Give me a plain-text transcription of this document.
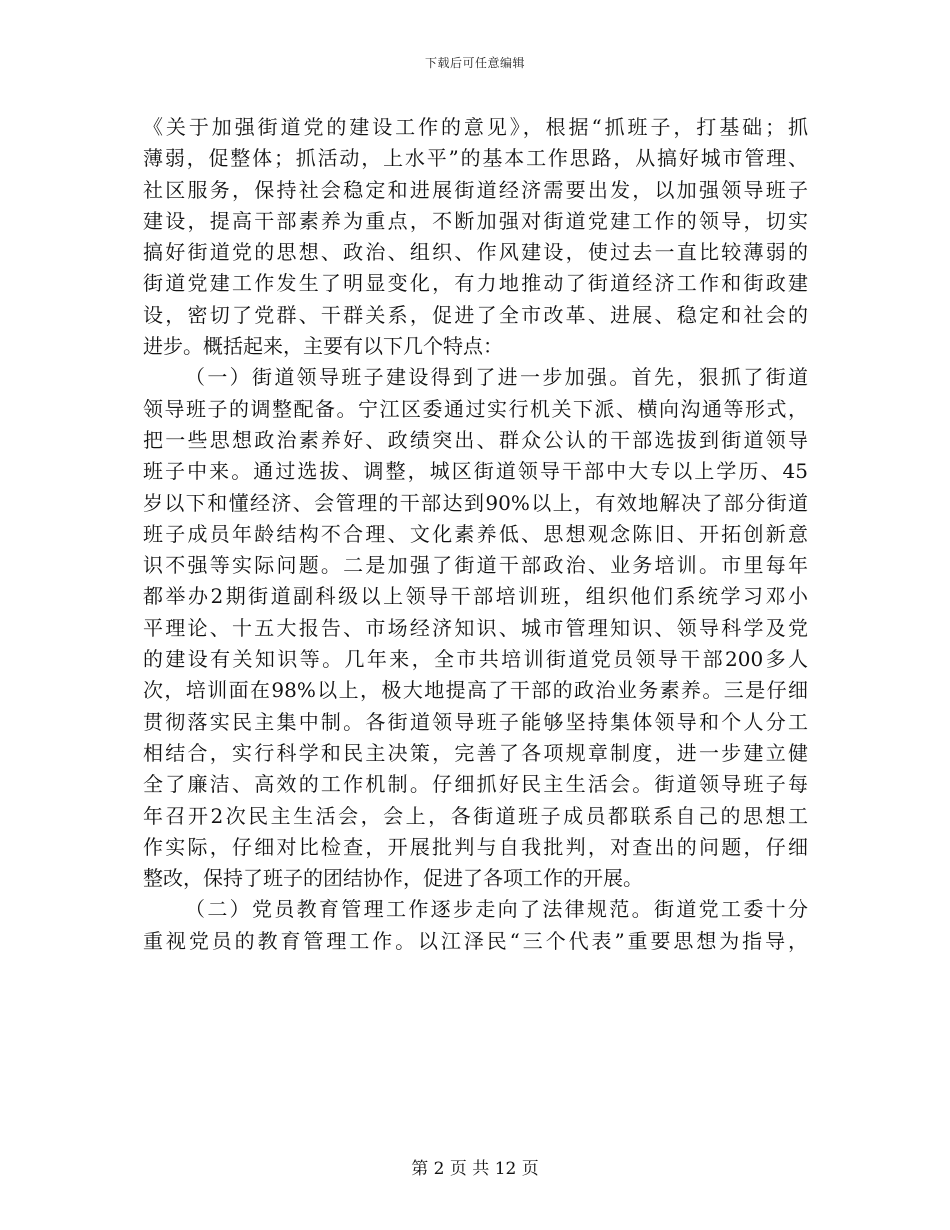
下载后可任意编辑
《关于加强街道党的建设工作的意见》，根据“抓班子，打基础；抓
薄弱，促整体；抓活动，上水平”的基本工作思路，从搞好城市管理、
社区服务，保持社会稳定和进展街道经济需要出发，以加强领导班子
建设，提高干部素养为重点，不断加强对街道党建工作的领导，切实
搞好街道党的思想、政治、组织、作风建设，使过去一直比较薄弱的
街道党建工作发生了明显变化，有力地推动了街道经济工作和街政建
设，密切了党群、干群关系，促进了全市改革、进展、稳定和社会的
进步。概括起来，主要有以下几个特点：
（一）街道领导班子建设得到了进一步加强。首先，狠抓了街道
领导班子的调整配备。宁江区委通过实行机关下派、横向沟通等形式，
把一些思想政治素养好、政绩突出、群众公认的干部选拔到街道领导
班子中来。通过选拔、调整，城区街道领导干部中大专以上学历、45
岁以下和懂经济、会管理的干部达到90%以上，有效地解决了部分街道
班子成员年龄结构不合理、文化素养低、思想观念陈旧、开拓创新意
识不强等实际问题。二是加强了街道干部政治、业务培训。市里每年
都举办2期街道副科级以上领导干部培训班，组织他们系统学习邓小
平理论、十五大报告、市场经济知识、城市管理知识、领导科学及党
的建设有关知识等。几年来，全市共培训街道党员领导干部200多人
次，培训面在98%以上，极大地提高了干部的政治业务素养。三是仔细
贯彻落实民主集中制。各街道领导班子能够坚持集体领导和个人分工
相结合，实行科学和民主决策，完善了各项规章制度，进一步建立健
全了廉洁、高效的工作机制。仔细抓好民主生活会。街道领导班子每
年召开2次民主生活会，会上，各街道班子成员都联系自己的思想工
作实际，仔细对比检查，开展批判与自我批判，对查出的问题，仔细
整改，保持了班子的团结协作，促进了各项工作的开展。
（二）党员教育管理工作逐步走向了法律规范。街道党工委十分
重视党员的教育管理工作。以江泽民“三个代表”重要思想为指导，
第 2 页 共 12 页
